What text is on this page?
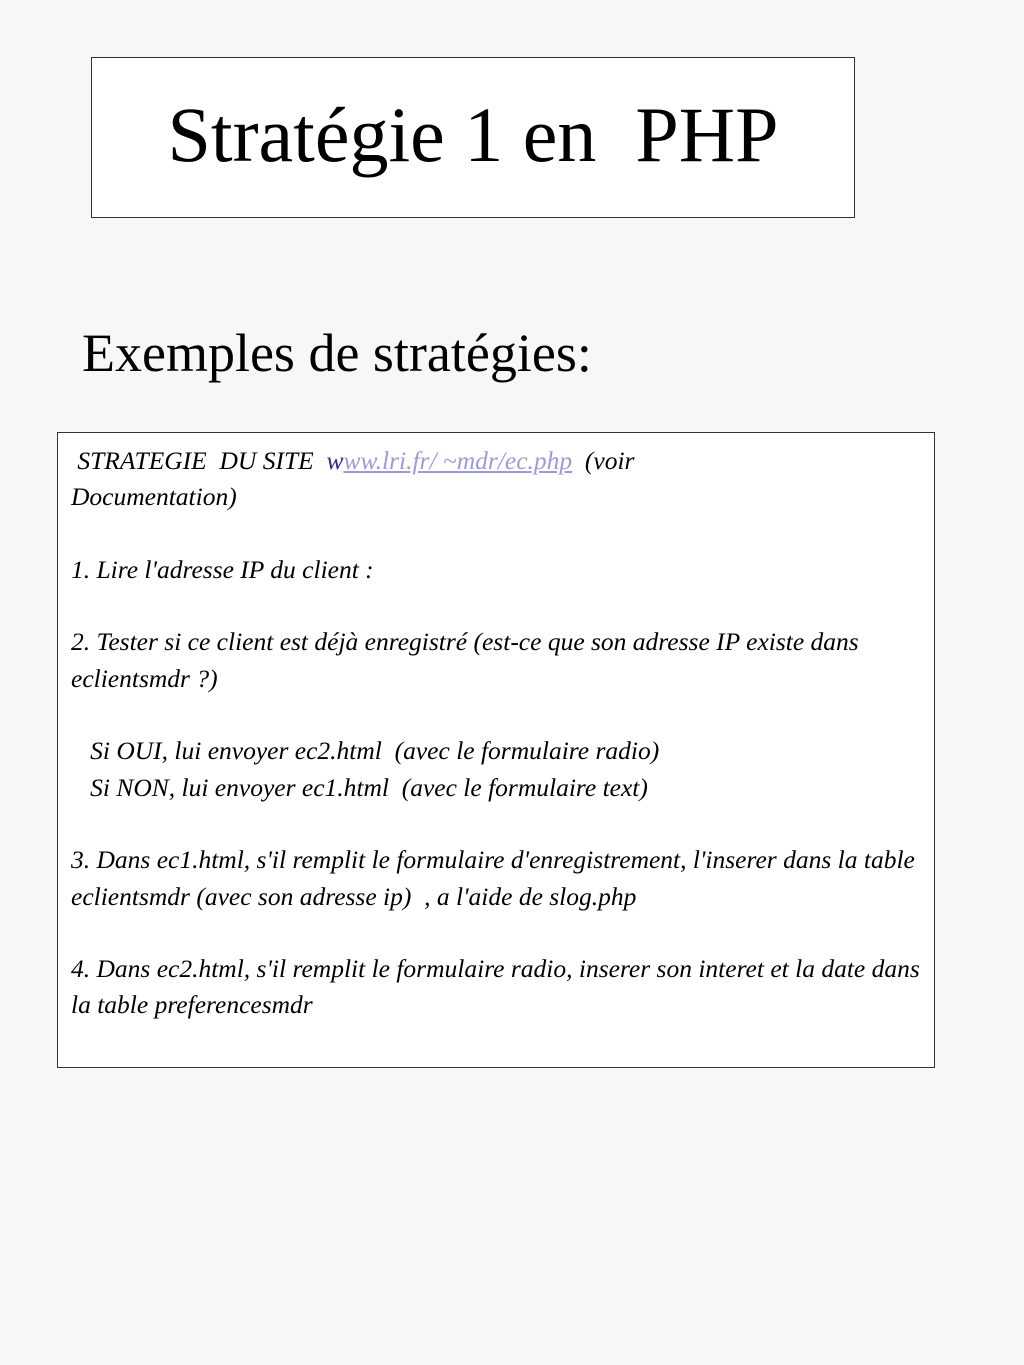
Stratégie 1 en  PHP
Exemples de stratégies:
STRATEGIE  DU SITE  www.lri.fr/ ~mdr/ec.php  (voir
Documentation)
1. Lire l'adresse IP du client :
2. Tester si ce client est déjà enregistré (est-ce que son adresse IP existe dans eclientsmdr ?)
Si OUI, lui envoyer ec2.html  (avec le formulaire radio)
Si NON, lui envoyer ec1.html  (avec le formulaire text)
3. Dans ec1.html, s'il remplit le formulaire d'enregistrement, l'inserer dans la table eclientsmdr (avec son adresse ip)  , a l'aide de slog.php
4. Dans ec2.html, s'il remplit le formulaire radio, inserer son interet et la date dans la table preferencesmdr
